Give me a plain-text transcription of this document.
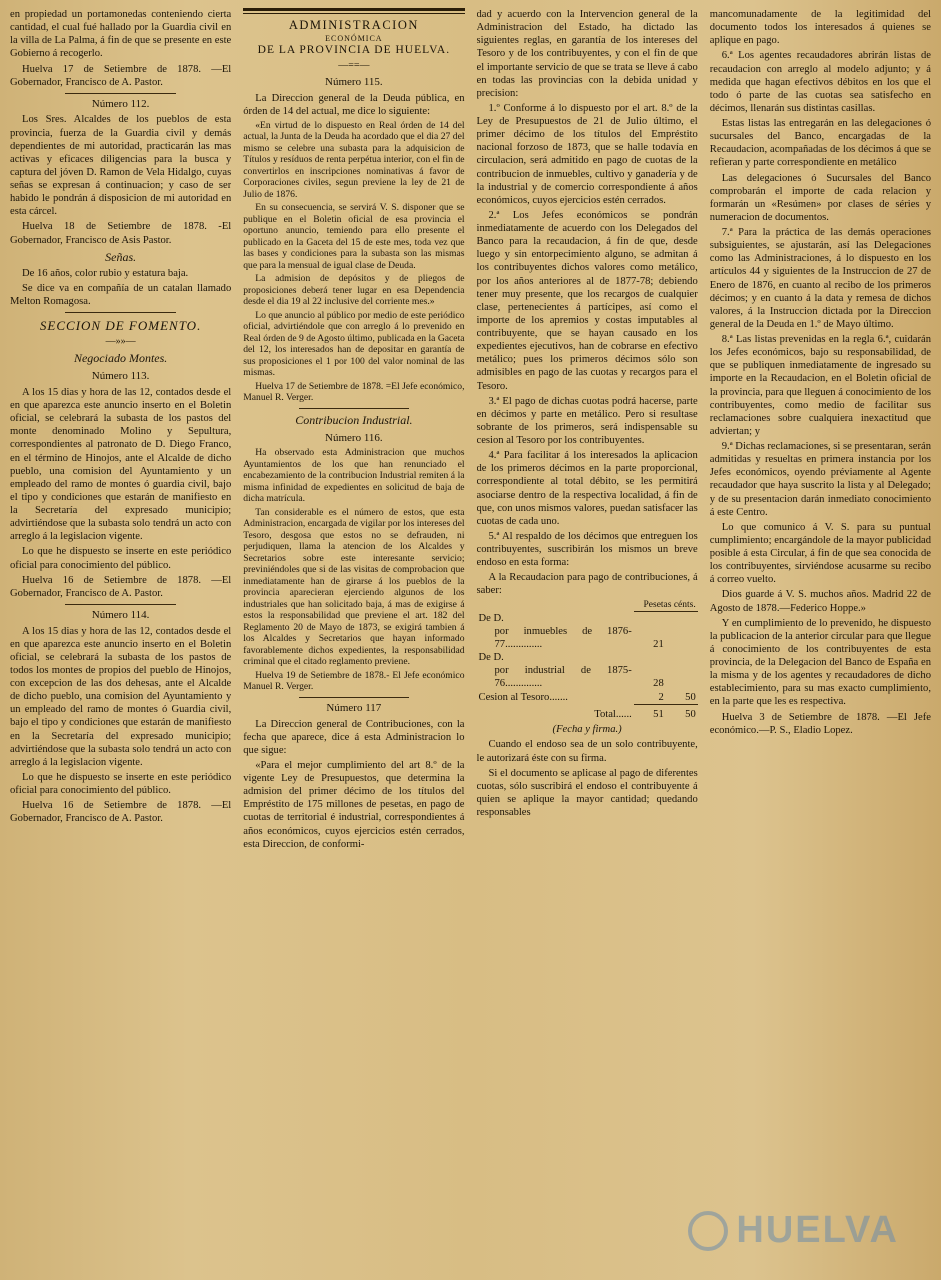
en propiedad un portamonedas conteniendo cierta cantidad, el cual fué hallado por la Guardia civil en la villa de La Palma, á fin de que se presente en este Gobierno á recogerlo.

Huelva 17 de Setiembre de 1878. —El Gobernador, Francisco de A. Pastor.

Número 112.

Los Sres. Alcaldes de los pueblos de esta provincia, fuerza de la Guardia civil y demás dependientes de mi autoridad, practicarán las mas activas y eficaces diligencias para la busca y captura del jóven D. Ramon de Vela Hidalgo, cuyas señas se expresan á continuacion; y caso de ser habido le pondrán á disposicion de mi autoridad en esta cárcel.

Huelva 18 de Setiembre de 1878. -El Gobernador, Francisco de Asis Pastor.

Señas.

De 16 años, color rubio y estatura baja.

Se dice va en compañía de un catalan llamado Melton Romagosa.

SECCION DE FOMENTO.
—»»—
Negociado Montes.
Número 113.

A los 15 dias y hora de las 12, contados desde el en que aparezca este anuncio inserto en el Boletin oficial, se celebrará la subasta de los pastos del monte denominado Molino y Sepultura, correspondientes al patronato de D. Diego Franco, en el término de Hinojos, ante el Alcalde de dicho pueblo, una comision del Ayuntamiento y un empleado del ramo de montes ó guardia civil, bajo el tipo y condiciones que estarán de manifiesto en la Secretaría del expresado municipio; advirtiéndose que la subasta solo tendrá un acto con arreglo á la legislacion vigente.

Lo que he dispuesto se inserte en este periódico oficial para conocimiento del público.

Huelva 16 de Setiembre de 1878. —El Gobernador, Francisco de A. Pastor.

Número 114.

A los 15 dias y hora de las 12, contados desde el en que aparezca este anuncio inserto en el Boletin oficial, se celebrará la subasta de los pastos de todos los montes de propios del pueblo de Hinojos, con excepcion de las dos dehesas, ante el Alcalde de dicho pueblo, una comision del Ayuntamiento y un empleado del ramo de montes ó Guardia civil, bajo el tipo y condiciones que estarán de manifiesto en la Secretaría del expresado municipio; advirtiéndose que la subasta solo tendrá un acto con arreglo á la legislacion vigente.

Lo que he dispuesto se inserte en este periódico oficial para conocimiento del público.

Huelva 16 de Setiembre de 1878. —El Gobernador, Francisco de A. Pastor.

ADMINISTRACION
ECONÓMICA
DE LA PROVINCIA DE HUELVA.
—==—
Número 115.

La Direccion general de la Deuda pública, en órden de 14 del actual, me dice lo siguiente:

«En virtud de lo dispuesto en Real órden de 14 del actual, la Junta de la Deuda ha acordado que el dia 27 del mismo se celebre una subasta para la adquisicion de Títulos y resíduos de renta perpétua interior, con el fin de convertirlos en inscripciones nominativas á favor de Corporaciones civiles, segun previene la ley de 21 de Julio de 1876.

En su consecuencia, se servirá V. S. disponer que se publique en el Boletin oficial de esa provincia el oportuno anuncio, temiendo para ello presente el publicado en la Gaceta del 15 de este mes, toda vez que las bases y condiciones para la subasta son las mismas que para la mensual de igual clase de Deuda.

La admision de depósitos y de pliegos de proposiciones deberá tener lugar en esa Dependencia desde el dia 19 al 22 inclusive del corriente mes.»

Lo que anuncio al público por medio de este periódico oficial, advirtiéndole que con arreglo á lo prevenido en Real órden de 9 de Agosto último, publicada en la Gaceta del 12, los interesados han de depositar en garantía de sus proposiciones el 1 por 100 del valor nominal de las mismas.

Huelva 17 de Setiembre de 1878. =El Jefe económico, Manuel R. Verger.

Contribucion Industrial.
Número 116.

Ha observado esta Administracion que muchos Ayuntamientos de los que han renunciado el encabezamiento de la contribucion Industrial remiten á la misma infinidad de expedientes en solicitud de baja de dicha matrícula.

Tan considerable es el número de estos, que esta Administracion, encargada de vigilar por los intereses del Tesoro, desgosa que estos no se defrauden, ni perjudiquen, llama la atencion de los Alcaldes y Secretarios sobre este interesante servicio; previniéndoles que si de las visitas de comprobacion que inmediatamente han de girarse á los pueblos de la provincia aparecieran ejerciendo algunos de los industriales que han solicitado baja, á mas de exigirse á estos la responsabilidad que previene el art. 182 del Reglamento 20 de Mayo de 1873, se exigirá tambien á los Alcaldes y Secretarios que hayan informado favorablemente dichos expedientes, la responsabilidad criminal que el citado reglamento previene.

Huelva 19 de Setiembre de 1878.- El Jefe económico Manuel R. Verger.

Número 117

La Direccion general de Contribuciones, con la fecha que aparece, dice á esta Administracion lo que sigue:

«Para el mejor cumplimiento del art 8.º de la vigente Ley de Presupuestos, que determina la admision del primer décimo de los títulos del Empréstito de 175 millones de pesetas, en pago de cuotas de territorial é industrial, correspondientes á años económicos, cuyos ejercicios estén cerrados, esta Direccion, de conformi-

dad y acuerdo con la Intervencion general de la Administracion del Estado, ha dictado las siguientes reglas, en garantía de los intereses del Tesoro y de los contribuyentes, y con el fin de que el importante servicio de que se trata se lleve á cabo en todas las provincias con la debida unidad y precision:

1.º Conforme á lo dispuesto por el art. 8.º de la Ley de Presupuestos de 21 de Julio último, el primer décimo de los títulos del Empréstito nacional forzoso de 1873, que se halle todavía en circulacion, será admitido en pago de cuotas de la contribucion de inmuebles, cultivo y ganadería y de la industrial y de comercio correspondiente á años económicos, cuyos ejercicios estén cerrados.

2.ª Los Jefes económicos se pondrán inmediatamente de acuerdo con los Delegados del Banco para la recaudacion, á fin de que, desde luego y sin entorpecimiento alguno, se admitan á los contribuyentes dichos valores como metálico, por los años anteriores al de 1877-78; debiendo tener muy presente, que los recargos de cualquier clase, pertenecientes á partícipes, así como el importe de los apremios y costas imputables al contribuyente, que se hayan causado en los expedientes ejecutivos, han de cobrarse en efectivo metálico; pues los primeros décimos sólo son admisibles en pago de las cuotas y recargos para el Tesoro.

3.ª El pago de dichas cuotas podrá hacerse, parte en décimos y parte en metálico. Pero si resultase sobrante de los primeros, será indispensable su cesion al Tesoro por los contribuyentes.

4.ª Para facilitar á los interesados la aplicacion de los primeros décimos en la parte proporcional, correspondiente al total débito, se les permitirá asociarse dentro de la respectiva localidad, á fin de que, con unos mismos valores, puedan satisfacer las cuotas de cada uno.

5.ª Al respaldo de los décimos que entreguen los contribuyentes, suscribirán los mismos un breve endoso en esta forma:

A la Recaudacion para pago de contribuciones, á saber:

	Pesetas cénts.	
De D.		
por inmuebles de 1876-77..............	21	
De D.		
por industrial de 1875-76..............	28	
Cesion al Tesoro.......	2	50
Total......	51	50

(Fecha y firma.)

Cuando el endoso sea de un solo contribuyente, le autorizará éste con su firma.

Si el documento se aplicase al pago de diferentes cuotas, sólo suscribirá el endoso el contribuyente á quien se aplique la mayor cantidad; quedando responsables

mancomunadamente de la legitimidad del documento todos los interesados á quienes se aplique en pago.

6.ª Los agentes recaudadores abrirán listas de recaudacion con arreglo al modelo adjunto; y á medida que hagan efectivos débitos en los que el todo ó parte de las cuotas sea satisfecho en décimos, llenarán sus distintas casillas.

Estas listas las entregarán en las delegaciones ó sucursales del Banco, encargadas de la Recaudacion, acompañadas de los décimos á que se refieran y parte correspondiente en metálico

Las delegaciones ó Sucursales del Banco comprobarán el importe de cada relacion y formarán un «Resúmen» por clases de séries y numeracion de documentos.

7.ª Para la práctica de las demás operaciones subsiguientes, se ajustarán, así las Delegaciones como las Administraciones, á lo dispuesto en los artículos 44 y siguientes de la Instruccion de 27 de Enero de 1876, en cuanto al recibo de los primeros décimos; y en cuanto á la data y remesa de dichos valores, á la Instruccion dictada por la Direccion general de la Deuda en 1.º de Mayo último.

8.ª Las listas prevenidas en la regla 6.ª, cuidarán los Jefes económicos, bajo su responsabilidad, de que se publiquen inmediatamente de ingresado su importe en la Recaudacion, en el Boletin oficial de la provincia, para que lleguen á conocimiento de los contribuyentes, como medio de facilitar sus reclamaciones sobre cualquiera inexactitud que adviertan; y

9.ª Dichas reclamaciones, si se presentaran, serán admitidas y resueltas en primera instancia por los Jefes económicos, oyendo préviamente al Agente recaudador que haya suscrito la lista y al Delegado; y de su presentacion darán inmediato conocimiento á este Centro.

Lo que comunico á V. S. para su puntual cumplimiento; encargándole de la mayor publicidad posible á esta Circular, á fin de que sea conocida de los contribuyentes, sirviéndose acusarme su recibo á correo vuelto.

Dios guarde á V. S. muchos años. Madrid 22 de Agosto de 1878.—Federico Hoppe.»

Y en cumplimiento de lo prevenido, he dispuesto la publicacion de la anterior circular para que llegue á conocimiento de los contribuyentes de esta provincia, de la Delegacion del Banco de España en la misma y de los agentes y recaudadores de dicho establecimiento, para su mas exacto cumplimiento, en la parte que les es respectiva.

Huelva 3 de Setiembre de 1878. —El Jefe económico.—P. S., Eladio Lopez.

HUELVA
